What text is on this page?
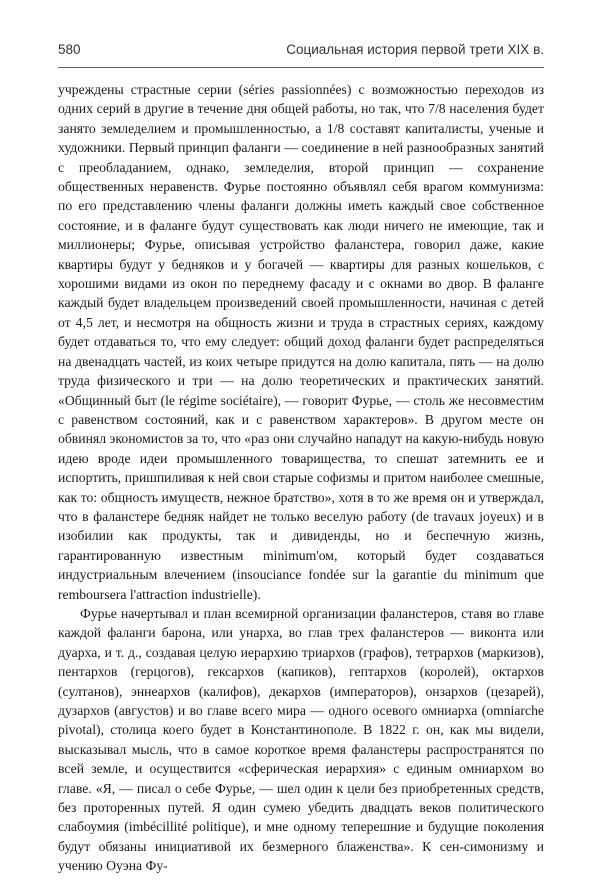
580	Социальная история первой трети XIX в.

учреждены страстные серии (séries passionnées) с возможностью переходов из одних серий в другие в течение дня общей работы, но так, что 7/8 населения будет занято земледелием и промышленностью, а 1/8 составят капиталисты, ученые и художники. Первый принцип фаланги — соединение в ней разнообразных занятий с преобладанием, однако, земледелия, второй принцип — сохранение общественных неравенств. Фурье постоянно объявлял себя врагом коммунизма: по его представлению члены фаланги должны иметь каждый свое собственное состояние, и в фаланге будут существовать как люди ничего не имеющие, так и миллионеры; Фурье, описывая устройство фаланстера, говорил даже, какие квартиры будут у бедняков и у богачей — квартиры для разных кошельков, с хорошими видами из окон по переднему фасаду и с окнами во двор. В фаланге каждый будет владельцем произведений своей промышленности, начиная с детей от 4,5 лет, и несмотря на общность жизни и труда в страстных сериях, каждому будет отдаваться то, что ему следует: общий доход фаланги будет распределяться на двенадцать частей, из коих четыре придутся на долю капитала, пять — на долю труда физического и три — на долю теоретических и практических занятий. «Общинный быт (le régime sociétaire), — говорит Фурье, — столь же несовместим с равенством состояний, как и с равенством характеров». В другом месте он обвинял экономистов за то, что «раз они случайно нападут на какую-нибудь новую идею вроде идеи промышленного товарищества, то спешат затемнить ее и испортить, пришпиливая к ней свои старые софизмы и притом наиболее смешные, как то: общность имуществ, нежное братство», хотя в то же время он и утверждал, что в фаланстере бедняк найдет не только веселую работу (de travaux joyeux) и в изобилии как продукты, так и дивиденды, но и беспечную жизнь, гарантированную известным minimum'ом, который будет создаваться индустриальным влечением (insouciance fondée sur la garantie du minimum que remboursera l'attraction industrielle).

Фурье начертывал и план всемирной организации фаланстеров, ставя во главе каждой фаланги барона, или унарха, во глав трех фаланстеров — виконта или дуарха, и т. д., создавая целую иерархию триархов (графов), тетрархов (маркизов), пентархов (герцогов), гексархов (капиков), гептархов (королей), октархов (султанов), эннеархов (калифов), декархов (императоров), онзархов (цезарей), дузархов (августов) и во главе всего мира — одного осевого омниарха (omniarche pivotal), столица коего будет в Константинополе. В 1822 г. он, как мы видели, высказывал мысль, что в самое короткое время фаланстеры распространятся по всей земле, и осуществится «сферическая иерархия» с единым омниархом во главе. «Я, — писал о себе Фурье, — шел один к цели без приобретенных средств, без проторенных путей. Я один сумею убедить двадцать веков политического слабоумия (imbécillité politique), и мне одному теперешние и будущие поколения будут обязаны инициативой их безмерного блаженства». К сен-симонизму и учению Оуэна Фу-
